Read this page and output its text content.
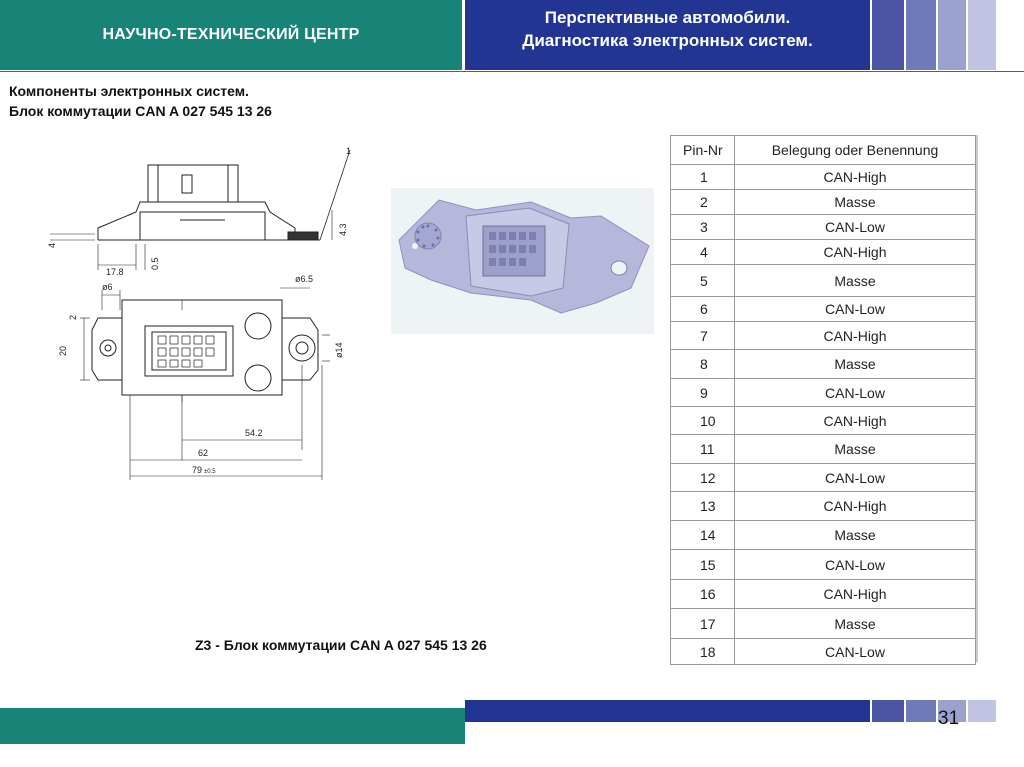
НАУЧНО-ТЕХНИЧЕСКИЙ ЦЕНТР
Перспективные автомобили.
Диагностика электронных систем.
Компоненты электронных систем.
Блок коммутации CAN A 027 545 13 26
4
17.8
0.5
4.3
1
ø6.5
ø6
2
20	ø14
62
54.2
79 ±0.5
Z3 - Блок коммутации CAN A 027 545 13 26
Pin-Nr	Belegung oder Benennung
1	CAN-High
2	Masse
3	CAN-Low
4	CAN-High
5	Masse
6	CAN-Low
7	CAN-High
8	Masse
9	CAN-Low
10	CAN-High
11	Masse
12	CAN-Low
13	CAN-High
14	Masse
15	CAN-Low
16	CAN-High
17	Masse
18	CAN-Low
31
